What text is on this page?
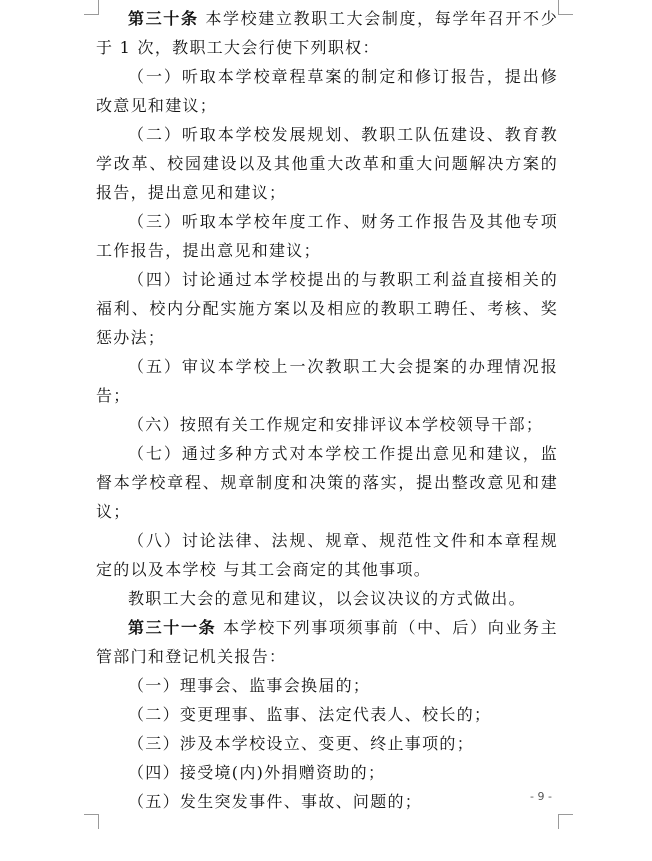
第三十条 本学校建立教职工大会制度，每学年召开不少于 1 次，教职工大会行使下列职权：

（一）听取本学校章程草案的制定和修订报告，提出修改意见和建议；

（二）听取本学校发展规划、教职工队伍建设、教育教学改革、校园建设以及其他重大改革和重大问题解决方案的报告，提出意见和建议；

（三）听取本学校年度工作、财务工作报告及其他专项工作报告，提出意见和建议；

（四）讨论通过本学校提出的与教职工利益直接相关的福利、校内分配实施方案以及相应的教职工聘任、考核、奖惩办法；

（五）审议本学校上一次教职工大会提案的办理情况报告；

（六）按照有关工作规定和安排评议本学校领导干部；

（七）通过多种方式对本学校工作提出意见和建议，监督本学校章程、规章制度和决策的落实，提出整改意见和建议；

（八）讨论法律、法规、规章、规范性文件和本章程规定的以及本学校 与其工会商定的其他事项。

教职工大会的意见和建议，以会议决议的方式做出。

第三十一条 本学校下列事项须事前（中、后）向业务主管部门和登记机关报告：

（一）理事会、监事会换届的；

（二）变更理事、监事、法定代表人、校长的；

（三）涉及本学校设立、变更、终止事项的；

（四）接受境(内)外捐赠资助的；

（五）发生突发事件、事故、问题的；	- 9 -
